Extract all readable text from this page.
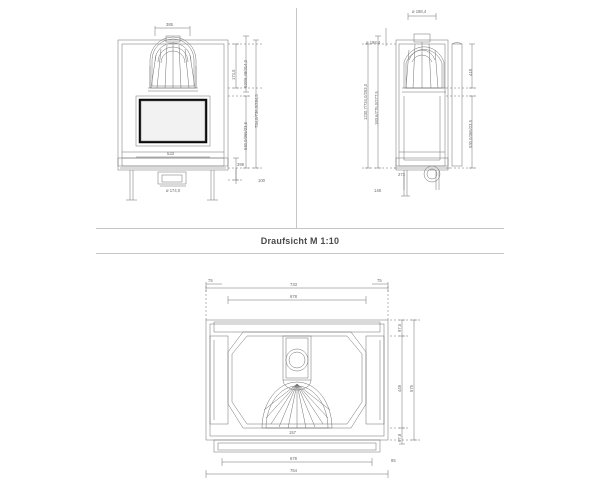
385
533
399
ø 174,0
100
174,5 520/5,48/214,0
734,0/736,0/284,5
530,0/365/23,5
ø 198,4
ø 198,4
1230,7/734,0/263,0 183,6/775,0/277,5
418
530,0/365/23,5
273
148
75	75
733
678
97,5
449 575
67,8
157
678
764
85
Draufsicht M 1:10
